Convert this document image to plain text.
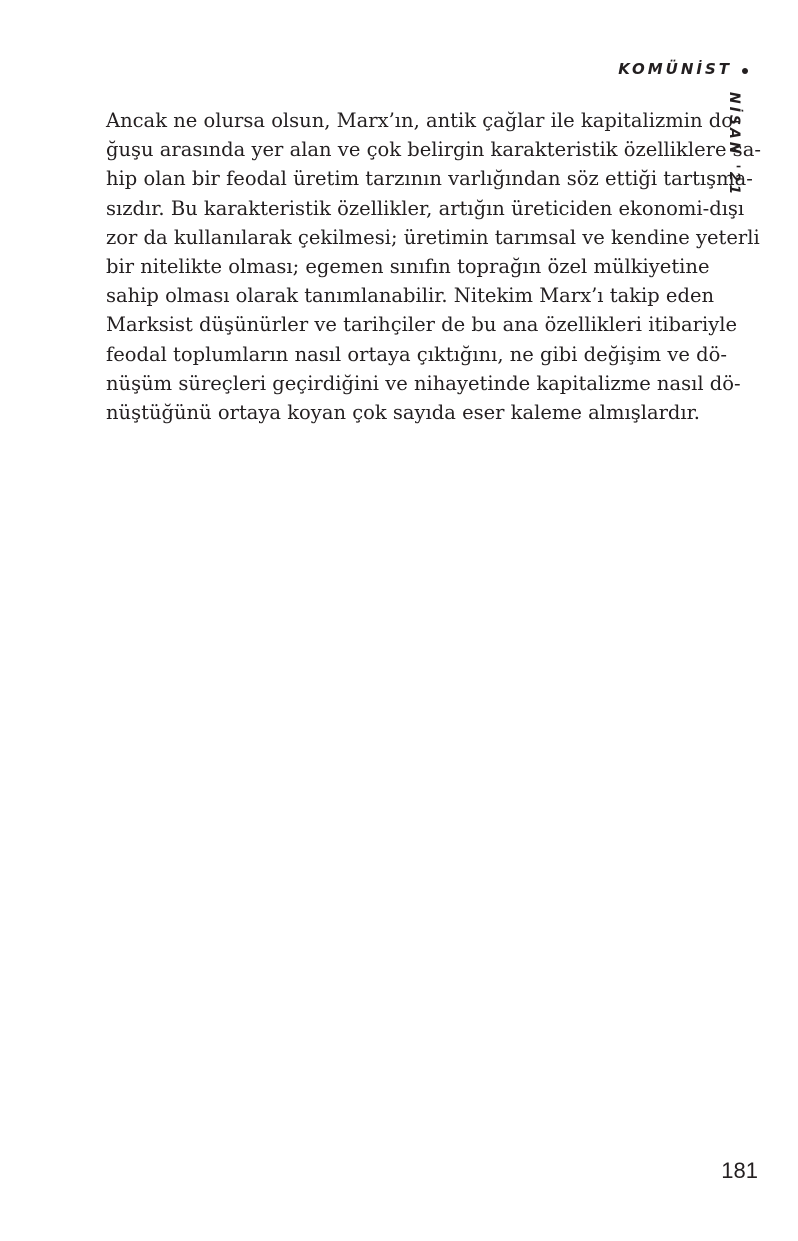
KOMÜNİST
NİSAN '21
Ancak ne olursa olsun, Marx’ın, antik çağlar ile kapitalizmin do-
ğuşu arasında yer alan ve çok belirgin karakteristik özelliklere sa-
hip olan bir feodal üretim tarzının varlığından söz ettiği tartışma-
sızdır. Bu karakteristik özellikler, artığın üreticiden ekonomi-dışı
zor da kullanılarak çekilmesi; üretimin tarımsal ve kendine yeterli
bir nitelikte olması; egemen sınıfın toprağın özel mülkiyetine
sahip olması olarak tanımlanabilir. Nitekim Marx’ı takip eden
Marksist düşünürler ve tarihçiler de bu ana özellikleri itibariyle
feodal toplumların nasıl ortaya çıktığını, ne gibi değişim ve dö-
nüşüm süreçleri geçirdiğini ve nihayetinde kapitalizme nasıl dö-
nüştüğünü ortaya koyan çok sayıda eser kaleme almışlardır.
181
